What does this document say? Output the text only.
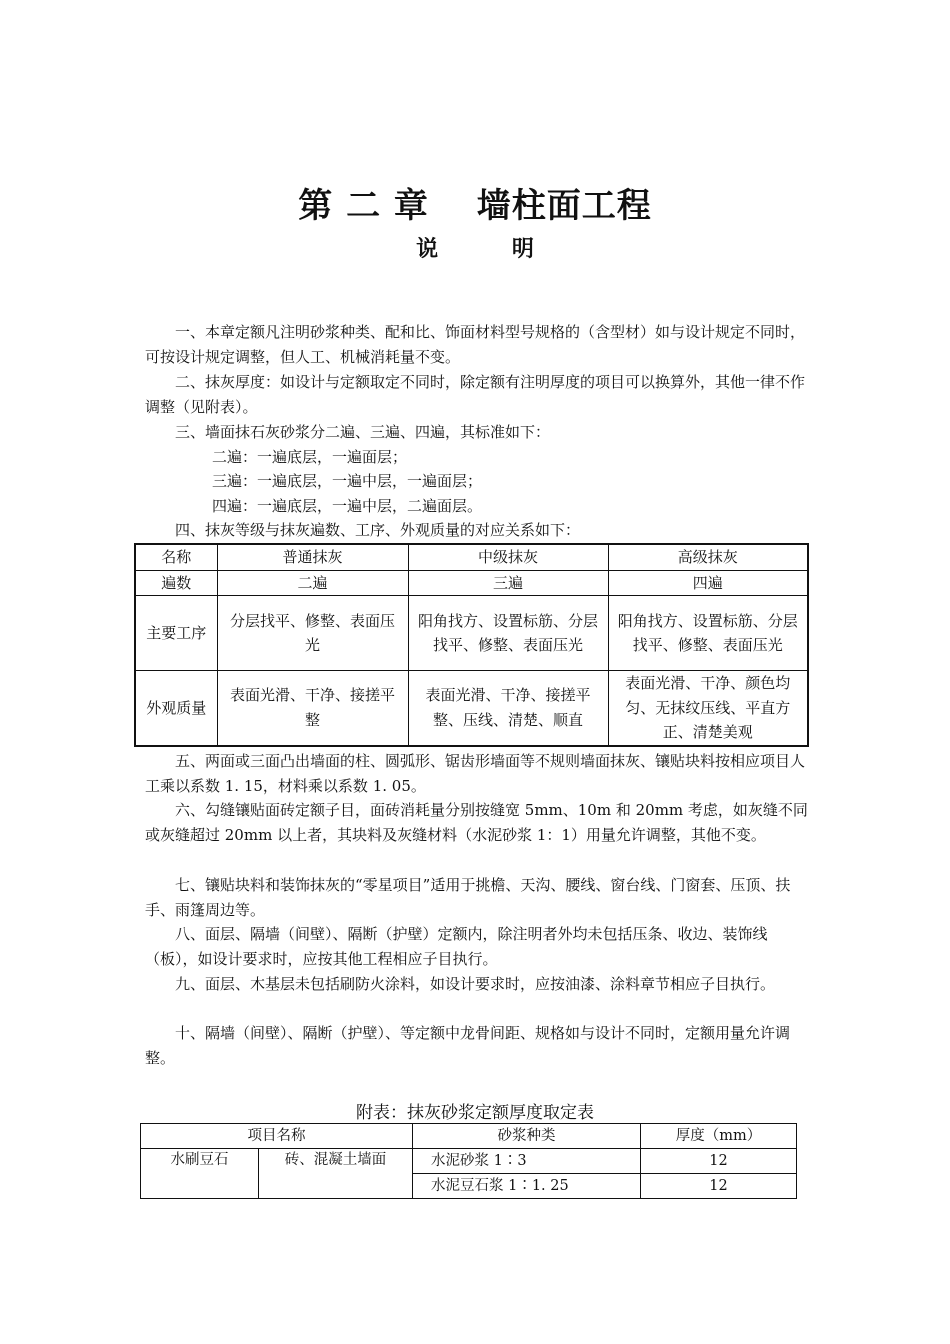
第 二 章　 墙柱面工程
说　　　 明

一、本章定额凡注明砂浆种类、配和比、饰面材料型号规格的（含型材）如与设计规定不同时，可按设计规定调整，但人工、机械消耗量不变。

二、抹灰厚度：如设计与定额取定不同时，除定额有注明厚度的项目可以换算外，其他一律不作调整（见附表）。

三、墙面抹石灰砂浆分二遍、三遍、四遍，其标准如下：

二遍：一遍底层，一遍面层；

三遍：一遍底层，一遍中层，一遍面层；

四遍：一遍底层，一遍中层，二遍面层。

四、抹灰等级与抹灰遍数、工序、外观质量的对应关系如下：

名称	普通抹灰	中级抹灰	高级抹灰
遍数	二遍	三遍	四遍
主要工序	分层找平、修整、表面压光	阳角找方、设置标筋、分层找平、修整、表面压光	阳角找方、设置标筋、分层找平、修整、表面压光
外观质量	表面光滑、干净、接搓平整	表面光滑、干净、接搓平整、压线、清楚、顺直	表面光滑、干净、颜色均匀、无抹纹压线、平直方正、清楚美观

五、两面或三面凸出墙面的柱、圆弧形、锯齿形墙面等不规则墙面抹灰、镶贴块料按相应项目人工乘以系数 1. 15，材料乘以系数 1. 05。

六、勾缝镶贴面砖定额子目，面砖消耗量分别按缝宽 5mm、10m 和 20mm 考虑，如灰缝不同或灰缝超过 20mm 以上者，其块料及灰缝材料（水泥砂浆 1：1）用量允许调整，其他不变。

七、镶贴块料和装饰抹灰的“零星项目”适用于挑檐、天沟、腰线、窗台线、门窗套、压顶、扶手、雨篷周边等。

八、面层、隔墙（间壁）、隔断（护壁）定额内，除注明者外均未包括压条、收边、装饰线（板），如设计要求时，应按其他工程相应子目执行。

九、面层、木基层未包括刷防火涂料，如设计要求时，应按油漆、涂料章节相应子目执行。

十、隔墙（间壁）、隔断（护壁）、等定额中龙骨间距、规格如与设计不同时，定额用量允许调整。

附表：抹灰砂浆定额厚度取定表
项目名称		砂浆种类	厚度（mm）
水刷豆石	砖、混凝土墙面	水泥砂浆 1∶3	12
		水泥豆石浆 1∶1. 25	12
